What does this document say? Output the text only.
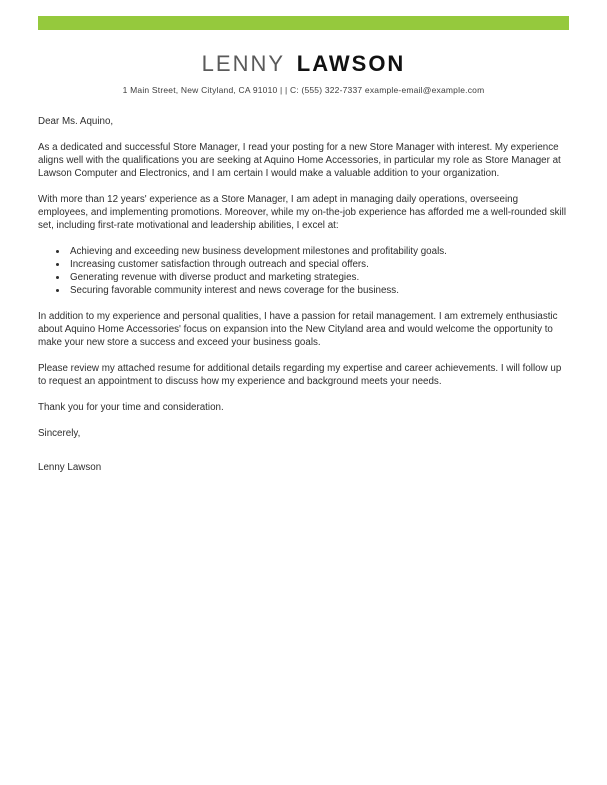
LENNY LAWSON
1 Main Street, New Cityland, CA 91010 | | C: (555) 322-7337 example-email@example.com

Dear Ms. Aquino,

As a dedicated and successful Store Manager, I read your posting for a new Store Manager with interest. My experience aligns well with the qualifications you are seeking at Aquino Home Accessories, in particular my role as Store Manager at Lawson Computer and Electronics, and I am certain I would make a valuable addition to your organization.

With more than 12 years' experience as a Store Manager, I am adept in managing daily operations, overseeing employees, and implementing promotions. Moreover, while my on-the-job experience has afforded me a well-rounded skill set, including first-rate motivational and leadership abilities, I excel at:

• Achieving and exceeding new business development milestones and profitability goals.
• Increasing customer satisfaction through outreach and special offers.
• Generating revenue with diverse product and marketing strategies.
• Securing favorable community interest and news coverage for the business.

In addition to my experience and personal qualities, I have a passion for retail management. I am extremely enthusiastic about Aquino Home Accessories' focus on expansion into the New Cityland area and would welcome the opportunity to make your new store a success and exceed your business goals.

Please review my attached resume for additional details regarding my expertise and career achievements. I will follow up to request an appointment to discuss how my experience and background meets your needs.

Thank you for your time and consideration.

Sincerely,

Lenny Lawson
